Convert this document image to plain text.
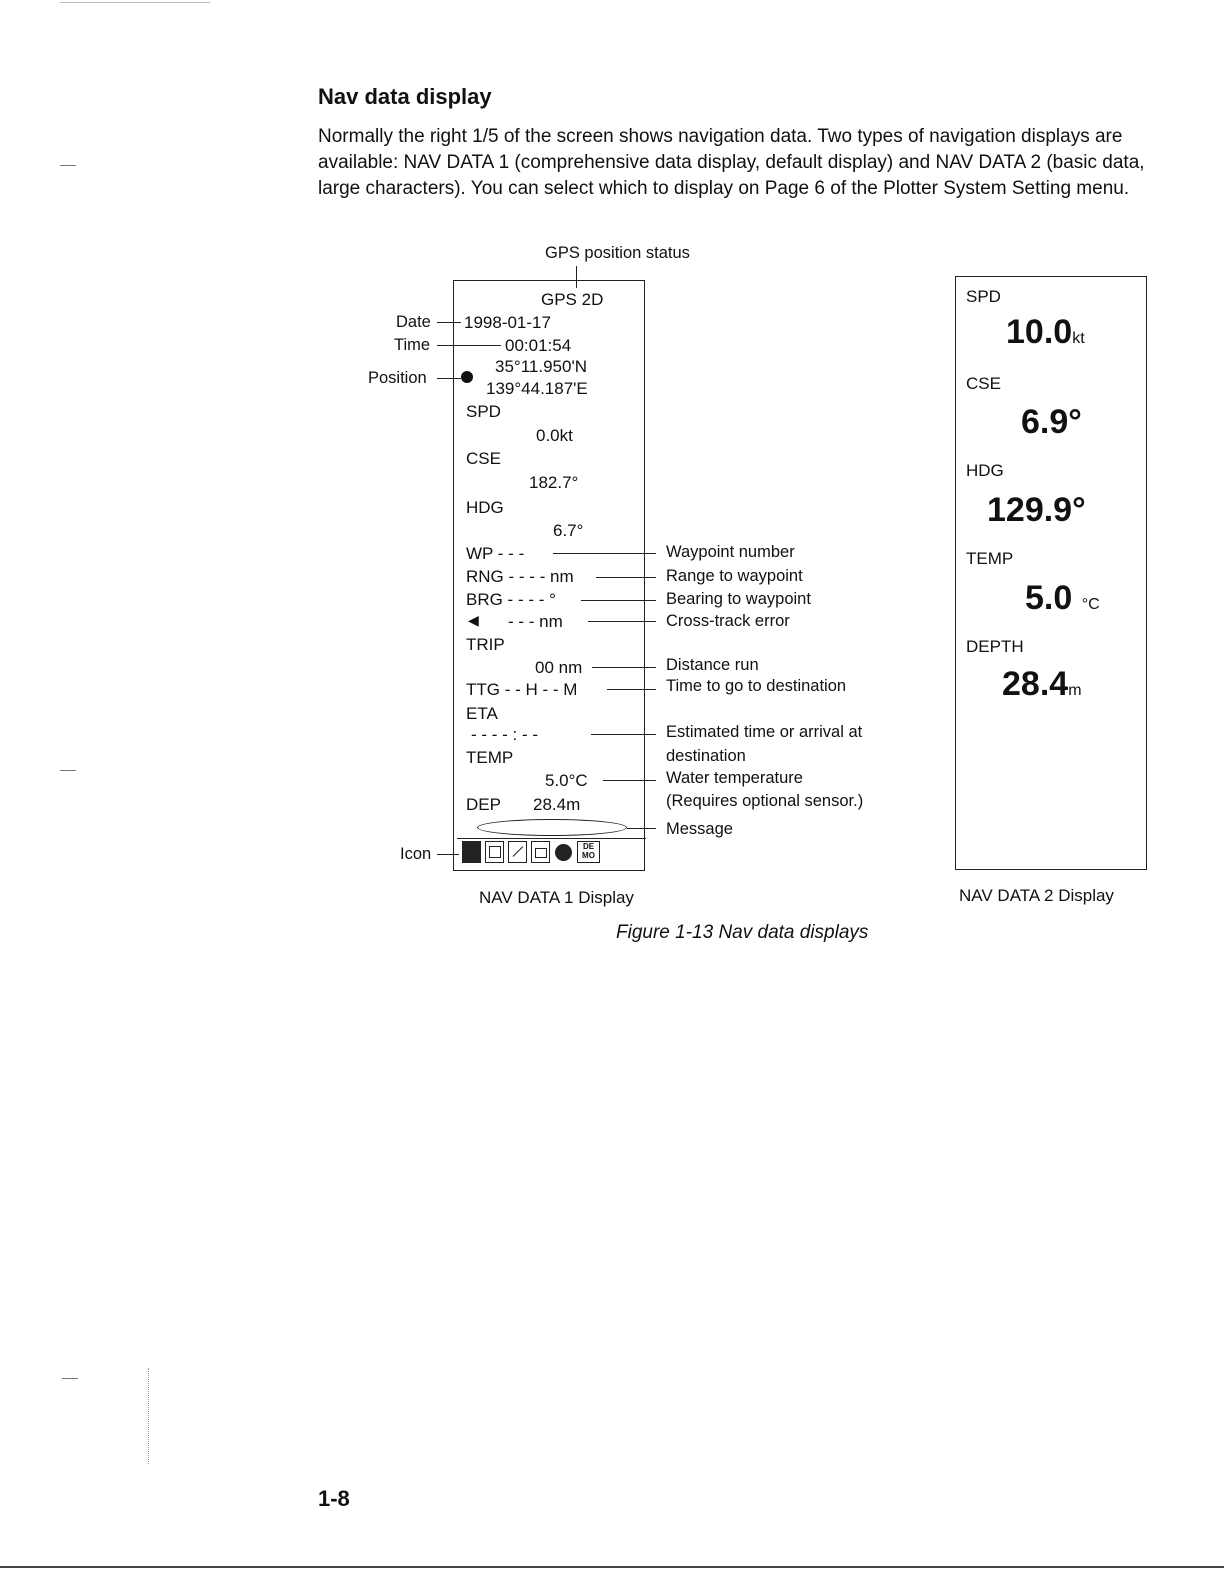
Nav data display

Normally the right 1/5 of the screen shows navigation data. Two types of navigation displays are available: NAV DATA 1 (comprehensive data display, default display) and NAV DATA 2 (basic data, large characters). You can select which to display on Page 6 of the Plotter System Setting menu.

GPS position status
GPS 2D
1998-01-17
00:01:54
35°11.950'N
139°44.187'E
SPD
0.0kt
CSE
182.7°
HDG
6.7°
WP - - -
RNG - - - - nm
BRG - - - - °
◀ - - - nm
TRIP
00 nm
TTG - - H - - M
ETA
- - - - : - -
TEMP
5.0°C
DEP 28.4m
DE MO
Date
Time
Position
Icon
Waypoint number
Range to waypoint
Bearing to waypoint
Cross-track error
Distance run
Time to go to destination
Estimated time or arrival at
destination
Water temperature
(Requires optional sensor.)
Message
NAV DATA 1 Display
SPD
10.0kt
CSE
6.9°
HDG
129.9°
TEMP
5.0 °C
DEPTH
28.4m
NAV DATA 2 Display
Figure 1-13 Nav data displays
1-8
